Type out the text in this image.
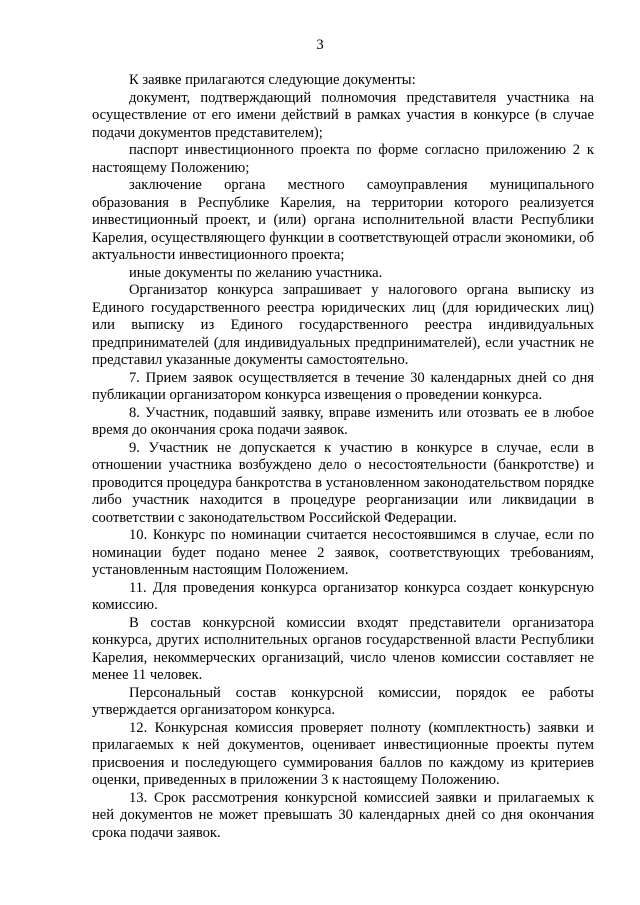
3

К заявке прилагаются следующие документы:

документ, подтверждающий полномочия представителя участника на осуществление от его имени действий в рамках участия в конкурсе (в случае подачи документов представителем);

паспорт инвестиционного проекта по форме согласно приложению 2 к настоящему Положению;

заключение органа местного самоуправления муниципального образования в Республике Карелия, на территории которого реализуется инвестиционный проект, и (или) органа исполнительной власти Республики Карелия, осуществляющего функции в соответствующей отрасли экономики, об актуальности инвестиционного проекта;

иные документы по желанию участника.

Организатор конкурса запрашивает у налогового органа выписку из Единого государственного реестра юридических лиц (для юридических лиц) или выписку из Единого государственного реестра индивидуальных предпринимателей (для индивидуальных предпринимателей), если участник не представил указанные документы самостоятельно.

7. Прием заявок осуществляется в течение 30 календарных дней со дня публикации организатором конкурса извещения о проведении конкурса.

8. Участник, подавший заявку, вправе изменить или отозвать ее в любое время до окончания срока подачи заявок.

9. Участник не допускается к участию в конкурсе в случае, если в отношении участника возбуждено дело о несостоятельности (банкротстве) и проводится процедура банкротства в установленном законодательством порядке либо участник находится в процедуре реорганизации или ликвидации в соответствии с законодательством Российской Федерации.

10. Конкурс по номинации считается несостоявшимся в случае, если по номинации будет подано менее 2 заявок, соответствующих требованиям, установленным настоящим Положением.

11. Для проведения конкурса организатор конкурса создает конкурсную комиссию.

В состав конкурсной комиссии входят представители организатора конкурса, других исполнительных органов государственной власти Республики Карелия, некоммерческих организаций, число членов комиссии составляет не менее 11 человек.

Персональный состав конкурсной комиссии, порядок ее работы утверждается организатором конкурса.

12. Конкурсная комиссия проверяет полноту (комплектность) заявки и прилагаемых к ней документов, оценивает инвестиционные проекты путем присвоения и последующего суммирования баллов по каждому из критериев оценки, приведенных в приложении 3 к настоящему Положению.

13. Срок рассмотрения конкурсной комиссией заявки и прилагаемых к ней документов не может превышать 30 календарных дней со дня окончания срока подачи заявок.
